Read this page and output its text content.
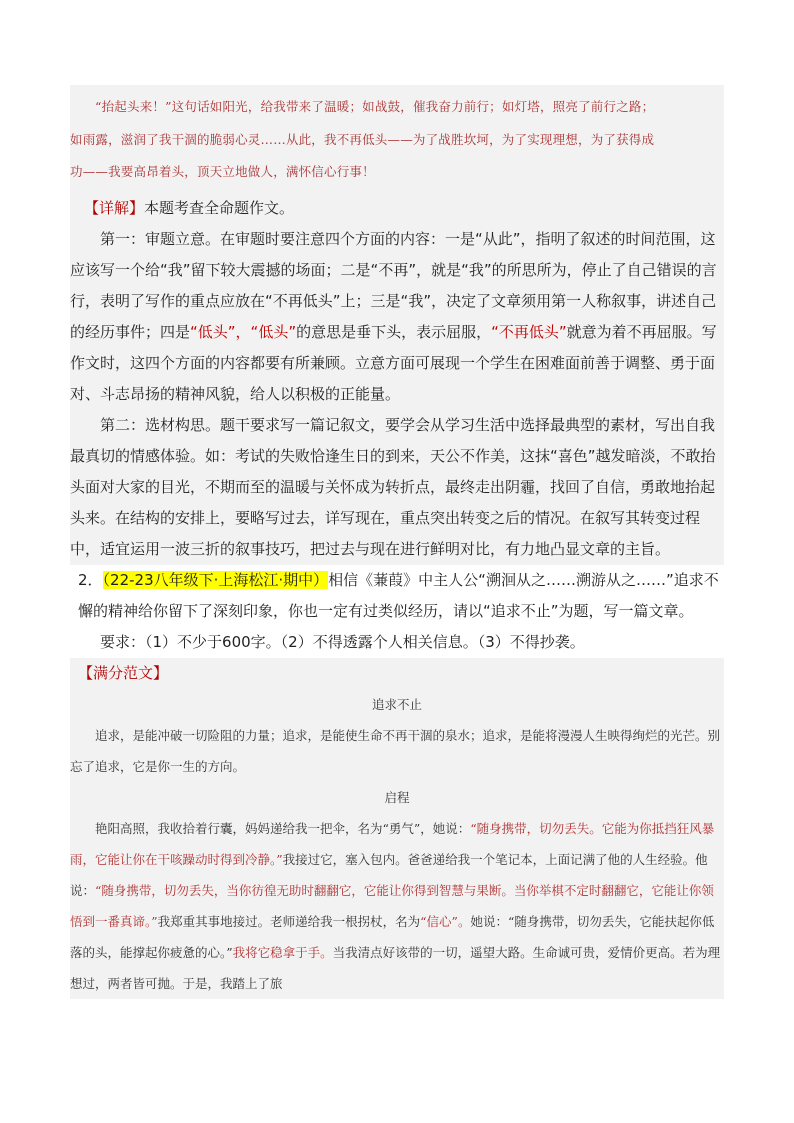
“抬起头来！”这句话如阳光，给我带来了温暖；如战鼓，催我奋力前行；如灯塔，照亮了前行之路；

如雨露，滋润了我干涸的脆弱心灵……从此，我不再低头——为了战胜坎坷，为了实现理想，为了获得成

功——我要高昂着头，顶天立地做人，满怀信心行事！

【详解】本题考查全命题作文。

第一：审题立意。在审题时要注意四个方面的内容：一是“从此”，指明了叙述的时间范围，这应该写一个给“我”留下较大震撼的场面；二是“不再”，就是“我”的所思所为，停止了自己错误的言行，表明了写作的重点应放在“不再低头”上；三是“我”，决定了文章须用第一人称叙事，讲述自己的经历事件；四是“低头”，“低头”的意思是垂下头，表示屈服，“不再低头”就意为着不再屈服。写作文时，这四个方面的内容都要有所兼顾。立意方面可展现一个学生在困难面前善于调整、勇于面对、斗志昂扬的精神风貌，给人以积极的正能量。

第二：选材构思。题干要求写一篇记叙文，要学会从学习生活中选择最典型的素材，写出自我最真切的情感体验。如：考试的失败恰逢生日的到来，天公不作美，这抹“喜色”越发暗淡，不敢抬头面对大家的目光，不期而至的温暖与关怀成为转折点，最终走出阴霾，找回了自信，勇敢地抬起头来。在结构的安排上，要略写过去，详写现在，重点突出转变之后的情况。在叙写其转变过程中，适宜运用一波三折的叙事技巧，把过去与现在进行鲜明对比，有力地凸显文章的主旨。

2．（22-23八年级下·上海松江·期中）相信《蒹葭》中主人公“溯洄从之……溯游从之……”追求不懈的精神给你留下了深刻印象，你也一定有过类似经历，请以“追求不止”为题，写一篇文章。

要求：（1）不少于600字。（2）不得透露个人相关信息。（3）不得抄袭。

【满分范文】

追求不止

追求，是能冲破一切险阻的力量；追求，是能使生命不再干涸的泉水；追求，是能将漫漫人生映得绚烂的光芒。别忘了追求，它是你一生的方向。

启程

艳阳高照，我收拾着行囊，妈妈递给我一把伞，名为“勇气”，她说：“随身携带，切勿丢失。它能为你抵挡狂风暴雨，它能让你在干咳躁动时得到冷静。”我接过它，塞入包内。爸爸递给我一个笔记本，上面记满了他的人生经验。他说：“随身携带，切勿丢失，当你彷徨无助时翻翻它，它能让你得到智慧与果断。当你举棋不定时翻翻它，它能让你领悟到一番真谛。”我郑重其事地接过。老师递给我一根拐杖，名为“信心”。她说：“随身携带，切勿丢失，它能扶起你低落的头，能撑起你疲惫的心。”我将它稳拿于手。当我清点好该带的一切，遥望大路。生命诚可贵，爱情价更高。若为理想过，两者皆可抛。于是，我踏上了旅
